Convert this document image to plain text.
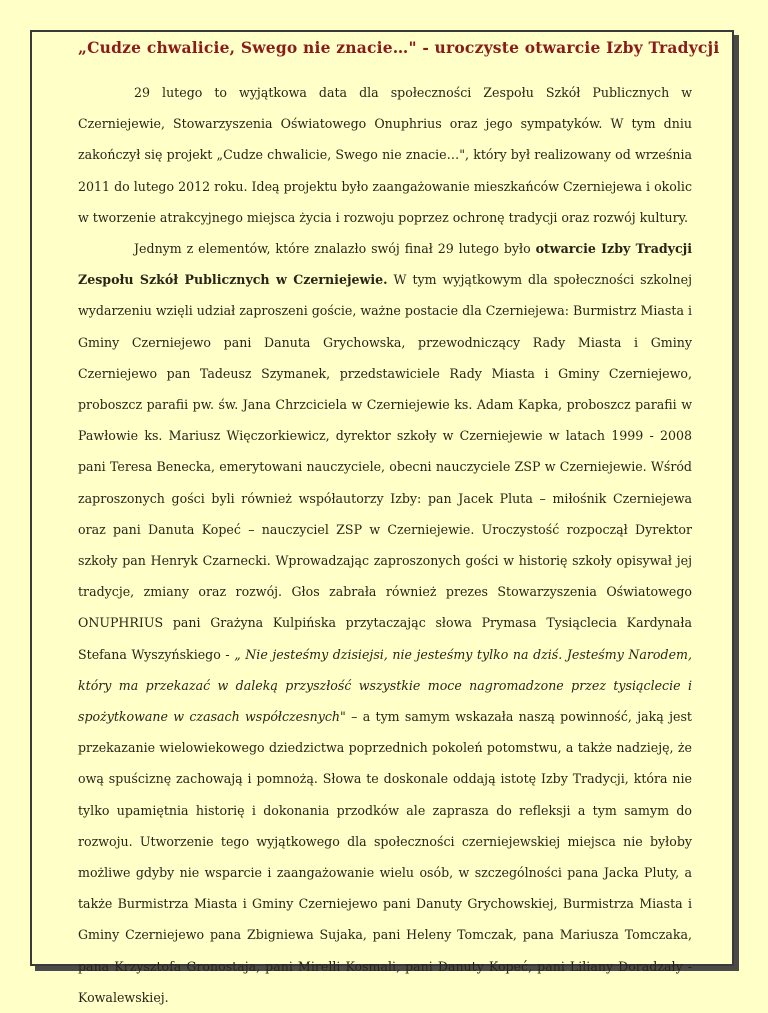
„Cudze chwalicie, Swego nie znacie…" - uroczyste otwarcie Izby Tradycji

29 lutego to wyjątkowa data dla społeczności Zespołu Szkół Publicznych w Czerniejewie, Stowarzyszenia Oświatowego Onuphrius oraz jego sympatyków. W tym dniu zakończył się projekt „Cudze chwalicie, Swego nie znacie…", który był realizowany od września 2011 do lutego 2012 roku. Ideą projektu było zaangażowanie mieszkańców Czerniejewa i okolic w tworzenie atrakcyjnego miejsca życia i rozwoju poprzez ochronę tradycji oraz rozwój kultury.

Jednym z elementów, które znalazło swój finał 29 lutego było otwarcie Izby Tradycji Zespołu Szkół Publicznych w Czerniejewie. W tym wyjątkowym dla społeczności szkolnej wydarzeniu wzięli udział zaproszeni goście, ważne postacie dla Czerniejewa: Burmistrz Miasta i Gminy Czerniejewo pani Danuta Grychowska, przewodniczący Rady Miasta i Gminy Czerniejewo pan Tadeusz Szymanek, przedstawiciele Rady Miasta i Gminy Czerniejewo, proboszcz parafii pw. św. Jana Chrzciciela w Czerniejewie ks. Adam Kapka, proboszcz parafii w Pawłowie ks. Mariusz Więczorkiewicz, dyrektor szkoły w Czerniejewie w latach 1999 - 2008 pani Teresa Benecka, emerytowani nauczyciele, obecni nauczyciele ZSP w Czerniejewie. Wśród zaproszonych gości byli również współautorzy Izby: pan Jacek Pluta – miłośnik Czerniejewa oraz pani Danuta Kopeć – nauczyciel ZSP w Czerniejewie. Uroczystość rozpoczął Dyrektor szkoły pan Henryk Czarnecki. Wprowadzając zaproszonych gości w historię szkoły opisywał jej tradycje, zmiany oraz rozwój. Głos zabrała również prezes Stowarzyszenia Oświatowego ONUPHRIUS pani Grażyna Kulpińska przytaczając słowa Prymasa Tysiąclecia Kardynała Stefana Wyszyńskiego - „ Nie jesteśmy dzisiejsi, nie jesteśmy tylko na dziś. Jesteśmy Narodem, który ma przekazać w daleką przyszłość wszystkie moce nagromadzone przez tysiąclecie i spożytkowane w czasach współczesnych" – a tym samym wskazała naszą powinność, jaką jest przekazanie wielowiekowego dziedzictwa poprzednich pokoleń potomstwu, a także nadzieję, że ową spuściznę zachowają i pomnożą. Słowa te doskonale oddają istotę Izby Tradycji, która nie tylko upamiętnia historię i dokonania przodków ale zaprasza do refleksji a tym samym do rozwoju. Utworzenie tego wyjątkowego dla społeczności czerniejewskiej miejsca nie byłoby możliwe gdyby nie wsparcie i zaangażowanie wielu osób, w szczególności pana Jacka Pluty, a także Burmistrza Miasta i Gminy Czerniejewo pani Danuty Grychowskiej, Burmistrza Miasta i Gminy Czerniejewo pana Zbigniewa Sujaka, pani Heleny Tomczak, pana Mariusza Tomczaka, pana Krzysztofa Gronostaja, pani Mirelli Kosmali, pani Danuty Kopeć, pani Liliany Doradzały - Kowalewskiej.
